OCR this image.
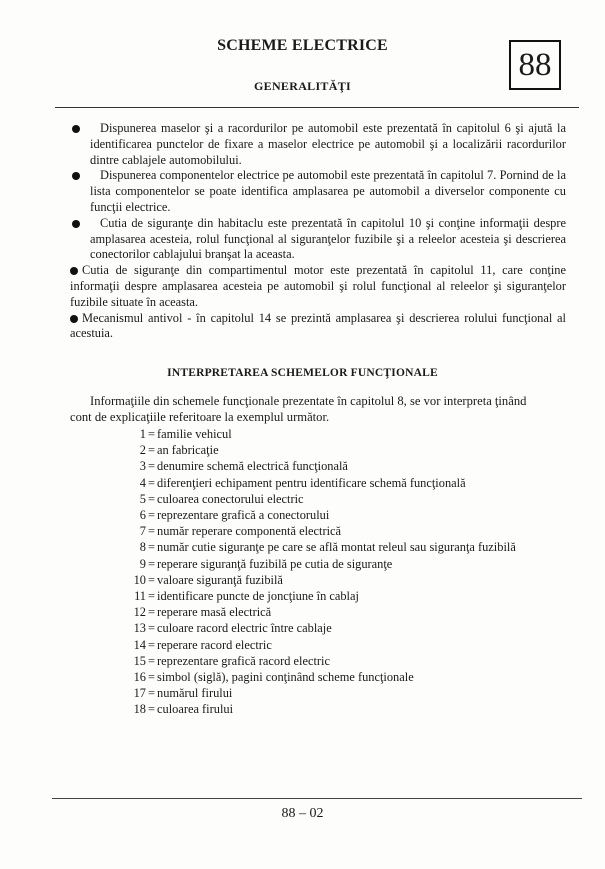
SCHEME ELECTRICE
GENERALITĂŢI
88

Dispunerea maselor şi a racordurilor pe automobil este prezentată în capitolul 6 şi ajută la identificarea punctelor de fixare a maselor electrice pe automobil şi a localizării racordurilor dintre cablajele automobilului.

Dispunerea componentelor electrice pe automobil este prezentată în capitolul 7. Pornind de la lista componentelor se poate identifica amplasarea pe automobil a diverselor componente cu funcţii electrice.

Cutia de siguranţe din habitaclu este prezentată în capitolul 10 şi conţine informaţii despre amplasarea acesteia, rolul funcţional al siguranţelor fuzibile şi a releelor acesteia şi descrierea conectorilor cablajului branşat la aceasta.

Cutia de siguranţe din compartimentul motor este prezentată în capitolul 11, care conţine informaţii despre amplasarea acesteia pe automobil şi rolul funcţional al releelor şi siguranţelor fuzibile situate în aceasta.

Mecanismul antivol - în capitolul 14 se prezintă amplasarea şi descrierea rolului funcţional al acestuia.

INTERPRETAREA SCHEMELOR FUNCŢIONALE
Informaţiile din schemele funcţionale prezentate în capitolul 8, se vor interpreta ţinând
cont de explicaţiile referitoare la exemplul următor.
1 = familie vehicul
2 = an fabricaţie
3 = denumire schemă electrică funcţională
4 = diferenţieri echipament pentru identificare schemă funcţională
5 = culoarea conectorului electric
6 = reprezentare grafică a conectorului
7 = număr reperare componentă electrică
8 = număr cutie siguranţe pe care se află montat releul sau siguranţa fuzibilă
9 = reperare siguranţă fuzibilă pe cutia de siguranţe
10 = valoare siguranţă fuzibilă
11 = identificare puncte de joncţiune în cablaj
12 = reperare masă electrică
13 = culoare racord electric între cablaje
14 = reperare racord electric
15 = reprezentare grafică racord electric
16 = simbol (siglă), pagini conţinând scheme funcţionale
17 = numărul firului
18 = culoarea firului
88 – 02
